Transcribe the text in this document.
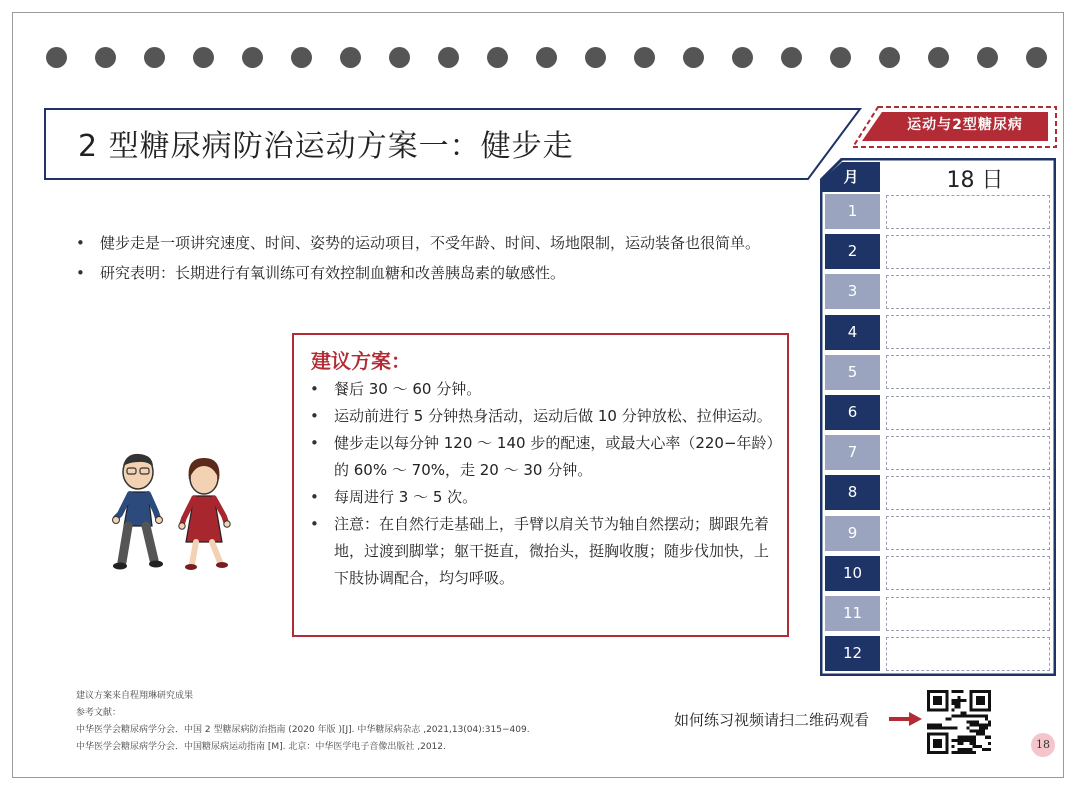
2 型糖尿病防治运动方案一：健步走
运动与2型糖尿病
• 健步走是一项讲究速度、时间、姿势的运动项目，不受年龄、时间、场地限制，运动装备也很简单。
• 研究表明：长期进行有氧训练可有效控制血糖和改善胰岛素的敏感性。
建议方案：
• 餐后 30 ～ 60 分钟。
• 运动前进行 5 分钟热身活动，运动后做 10 分钟放松、拉伸运动。
• 健步走以每分钟 120 ～ 140 步的配速，或最大心率（220−年龄）的 60% ～ 70%，走 20 ～ 30 分钟。
• 每周进行 3 ～ 5 次。
• 注意：在自然行走基础上，手臂以肩关节为轴自然摆动；脚跟先着地，过渡到脚掌；躯干挺直，微抬头，挺胸收腹；随步伐加快，上下肢协调配合，均匀呼吸。
月	18 日
1
2
3
4
5
6
7
8
9
10
11
12
建议方案来自程翔琳研究成果
参考文献：
中华医学会糖尿病学分会．中国 2 型糖尿病防治指南 (2020 年版 )[J]. 中华糖尿病杂志 ,2021,13(04):315−409.
中华医学会糖尿病学分会．中国糖尿病运动指南 [M]. 北京：中华医学电子音像出版社 ,2012.
如何练习视频请扫二维码观看
18
